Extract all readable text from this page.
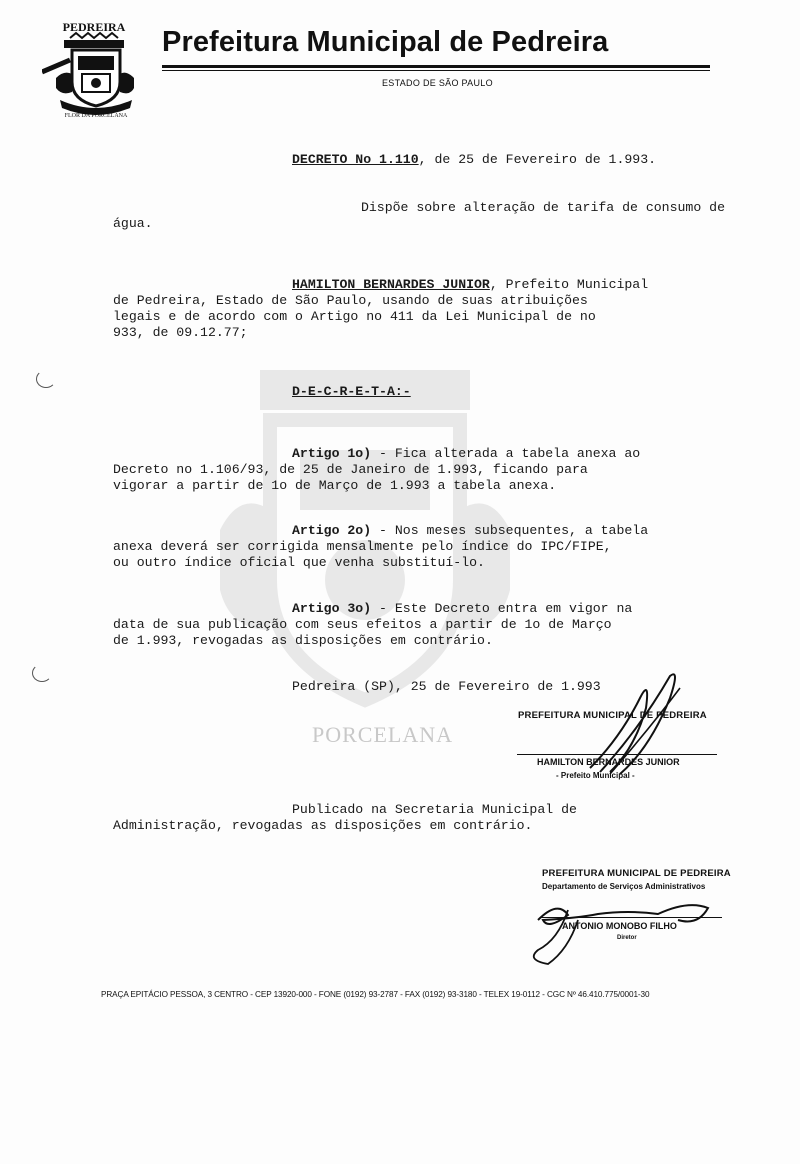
PEDREIRA
FLOR DA PORCELANA
Prefeitura Municipal de Pedreira
ESTADO DE SÃO PAULO
PORCELANA
DECRETO No 1.110, de 25 de Fevereiro de 1.993.
Dispõe sobre alteração de tarifa de consumo de
água.
HAMILTON BERNARDES JUNIOR, Prefeito Municipal
de Pedreira, Estado de São Paulo, usando de suas atribuições
legais e de acordo com o Artigo no 411 da Lei Municipal de no
933, de 09.12.77;
D-E-C-R-E-T-A:-
Artigo 1o) - Fica alterada a tabela anexa ao
Decreto no 1.106/93, de 25 de Janeiro de 1.993, ficando para
vigorar a partir de 1o de Março de 1.993 a tabela anexa.
Artigo 2o) - Nos meses subsequentes, a tabela
anexa deverá ser corrigida mensalmente pelo índice do IPC/FIPE,
ou outro índice oficial que venha substituí-lo.
Artigo 3o) - Este Decreto entra em vigor na
data de sua publicação com seus efeitos a partir de 1o de Março
de 1.993, revogadas as disposições em contrário.
Pedreira (SP), 25 de Fevereiro de 1.993
PREFEITURA MUNICIPAL DE PEDREIRA
HAMILTON BERNARDES JUNIOR
- Prefeito Municipal -
Publicado na Secretaria Municipal de
Administração, revogadas as disposições em contrário.
PREFEITURA MUNICIPAL DE PEDREIRA
Departamento de Serviços Administrativos
ANTONIO MONOBO FILHO
Diretor
PRAÇA EPITÁCIO PESSOA, 3 CENTRO - CEP 13920-000 - FONE (0192) 93-2787 - FAX (0192) 93-3180 - TELEX 19-0112 - CGC Nº 46.410.775/0001-30
